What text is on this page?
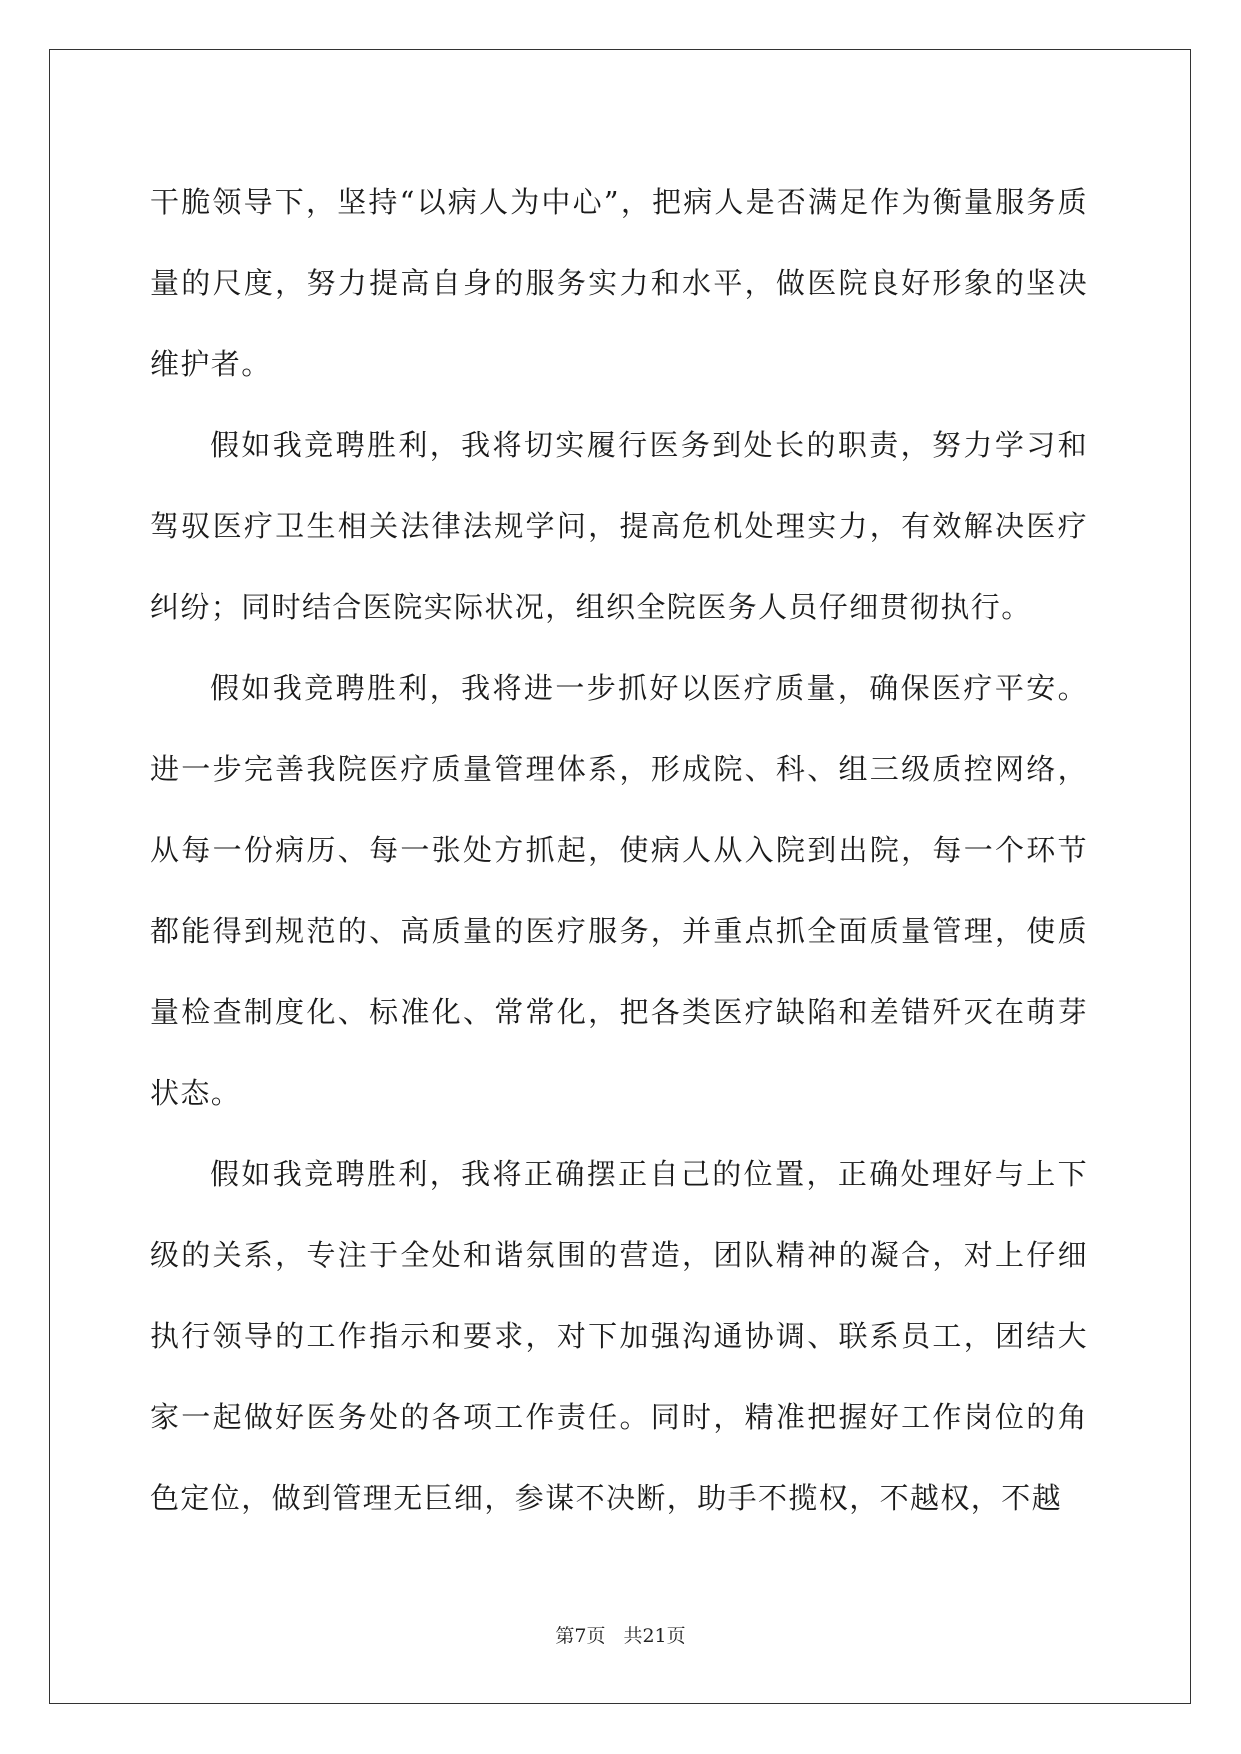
干脆领导下，坚持“以病人为中心”，把病人是否满足作为衡量服务质量的尺度，努力提高自身的服务实力和水平，做医院良好形象的坚决维护者。

假如我竞聘胜利，我将切实履行医务到处长的职责，努力学习和驾驭医疗卫生相关法律法规学问，提高危机处理实力，有效解决医疗纠纷；同时结合医院实际状况，组织全院医务人员仔细贯彻执行。

假如我竞聘胜利，我将进一步抓好以医疗质量，确保医疗平安。进一步完善我院医疗质量管理体系，形成院、科、组三级质控网络，从每一份病历、每一张处方抓起，使病人从入院到出院，每一个环节都能得到规范的、高质量的医疗服务，并重点抓全面质量管理，使质量检查制度化、标准化、常常化，把各类医疗缺陷和差错歼灭在萌芽状态。

假如我竞聘胜利，我将正确摆正自己的位置，正确处理好与上下级的关系，专注于全处和谐氛围的营造，团队精神的凝合，对上仔细执行领导的工作指示和要求，对下加强沟通协调、联系员工，团结大家一起做好医务处的各项工作责任。同时，精准把握好工作岗位的角色定位，做到管理无巨细，参谋不决断，助手不揽权，不越权，不越

第7页 共21页
